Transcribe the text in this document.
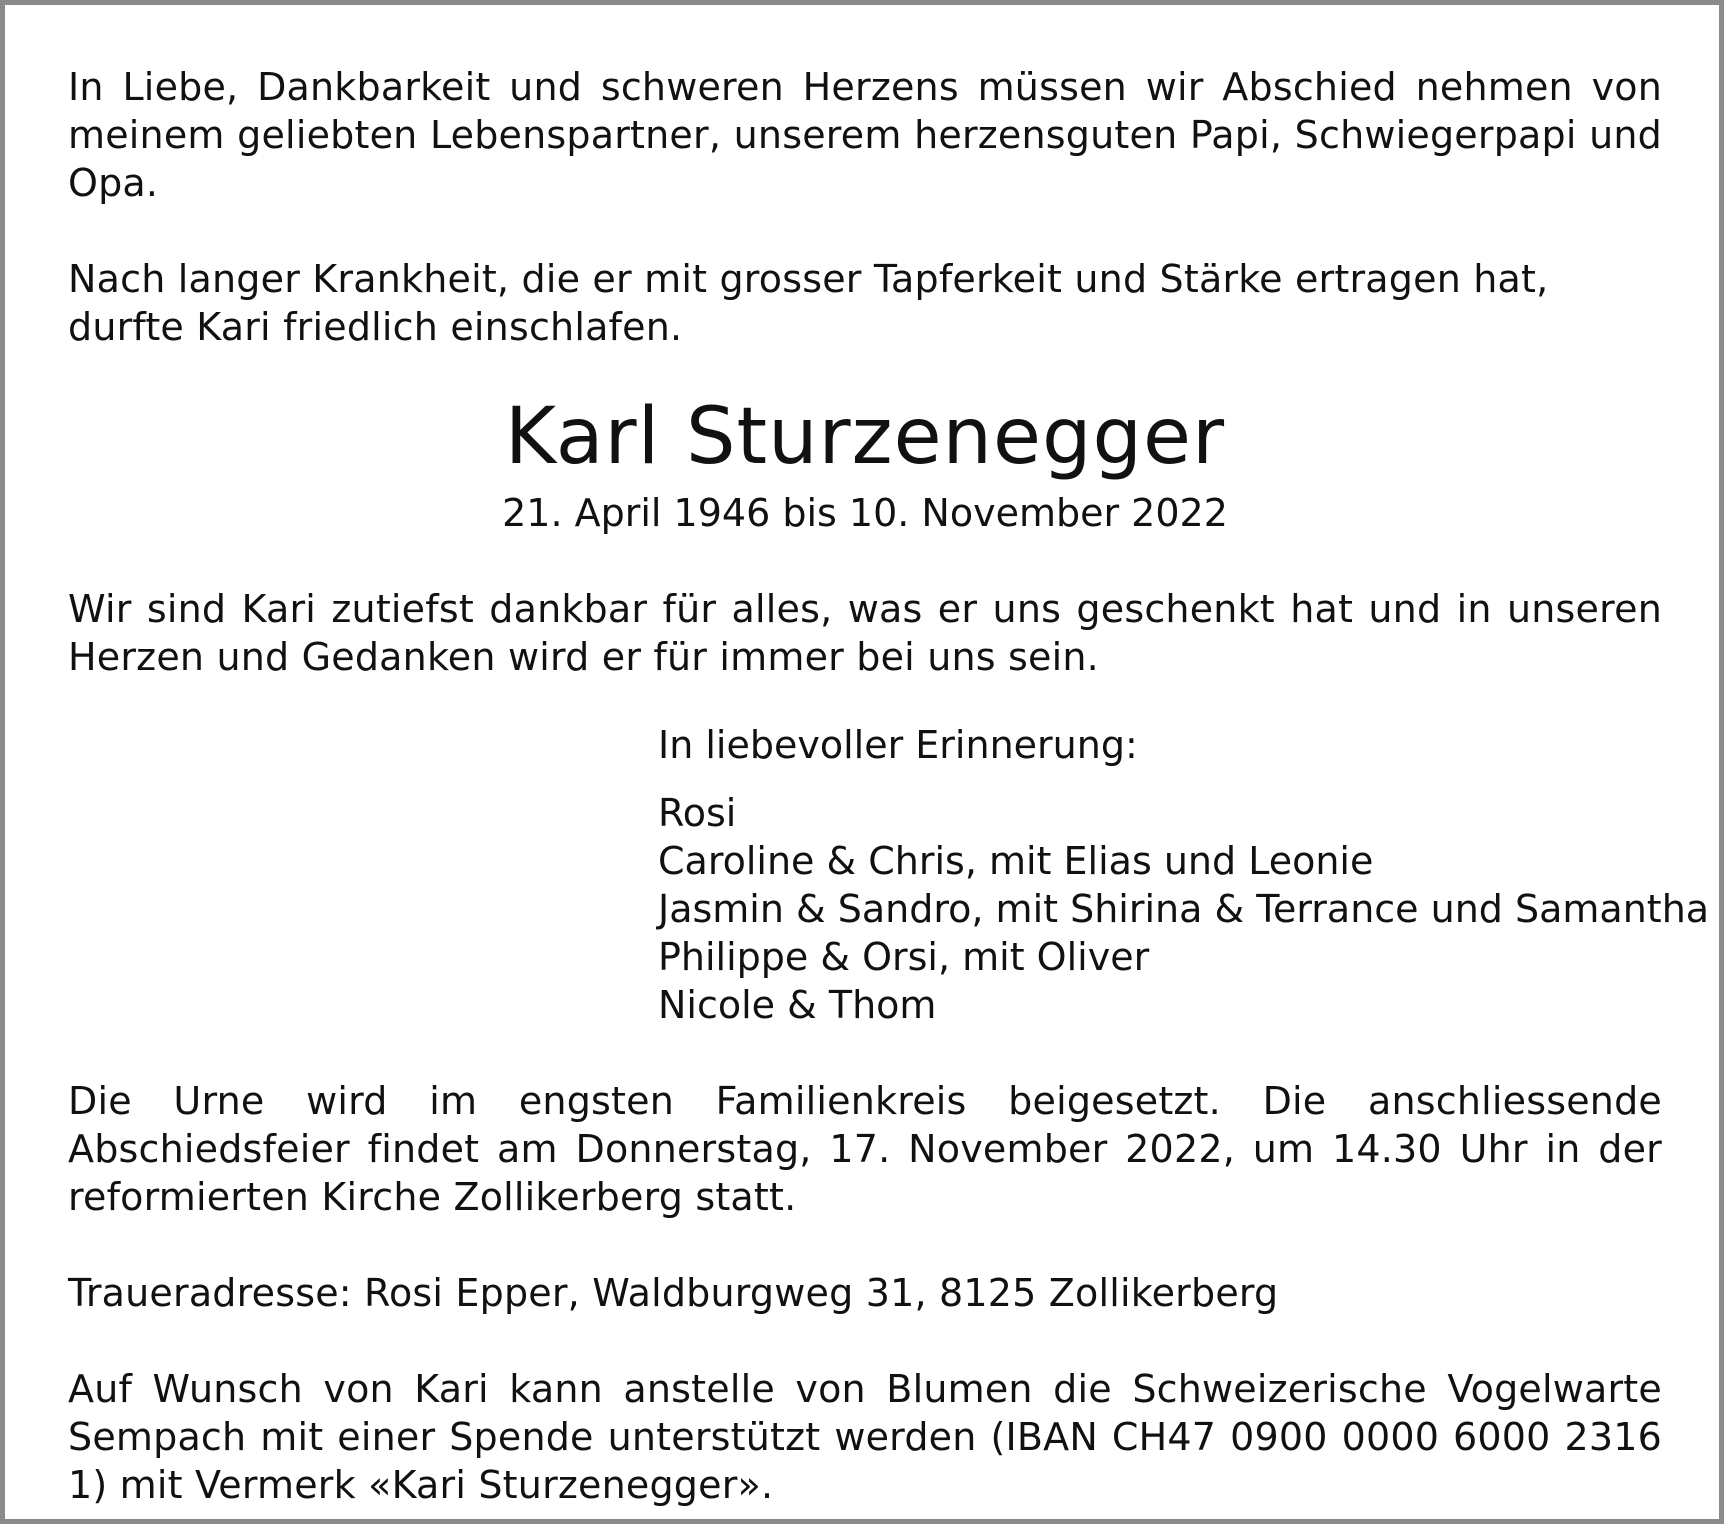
In Liebe, Dankbarkeit und schweren Herzens müssen wir Abschied nehmen von meinem geliebten Lebenspartner, unserem herzensguten Papi, Schwiegerpapi und Opa.

Nach langer Krankheit, die er mit grosser Tapferkeit und Stärke ertragen hat, durfte Kari friedlich einschlafen.

Karl Sturzenegger
21. April 1946 bis 10. November 2022

Wir sind Kari zutiefst dankbar für alles, was er uns geschenkt hat und in unseren Herzen und Gedanken wird er für immer bei uns sein.

In liebevoller Erinnerung:

Rosi

Caroline & Chris, mit Elias und Leonie

Jasmin & Sandro, mit Shirina & Terrance und Samantha

Philippe & Orsi, mit Oliver

Nicole & Thom

Die Urne wird im engsten Familienkreis beigesetzt. Die anschliessende Abschiedsfeier findet am Donnerstag, 17. November 2022, um 14.30 Uhr in der reformierten Kirche Zollikerberg statt.

Traueradresse: Rosi Epper, Waldburgweg 31, 8125 Zollikerberg

Auf Wunsch von Kari kann anstelle von Blumen die Schweizerische Vogelwarte Sempach mit einer Spende unterstützt werden (IBAN CH47 0900 0000 6000 2316 1) mit Vermerk «Kari Sturzenegger».
